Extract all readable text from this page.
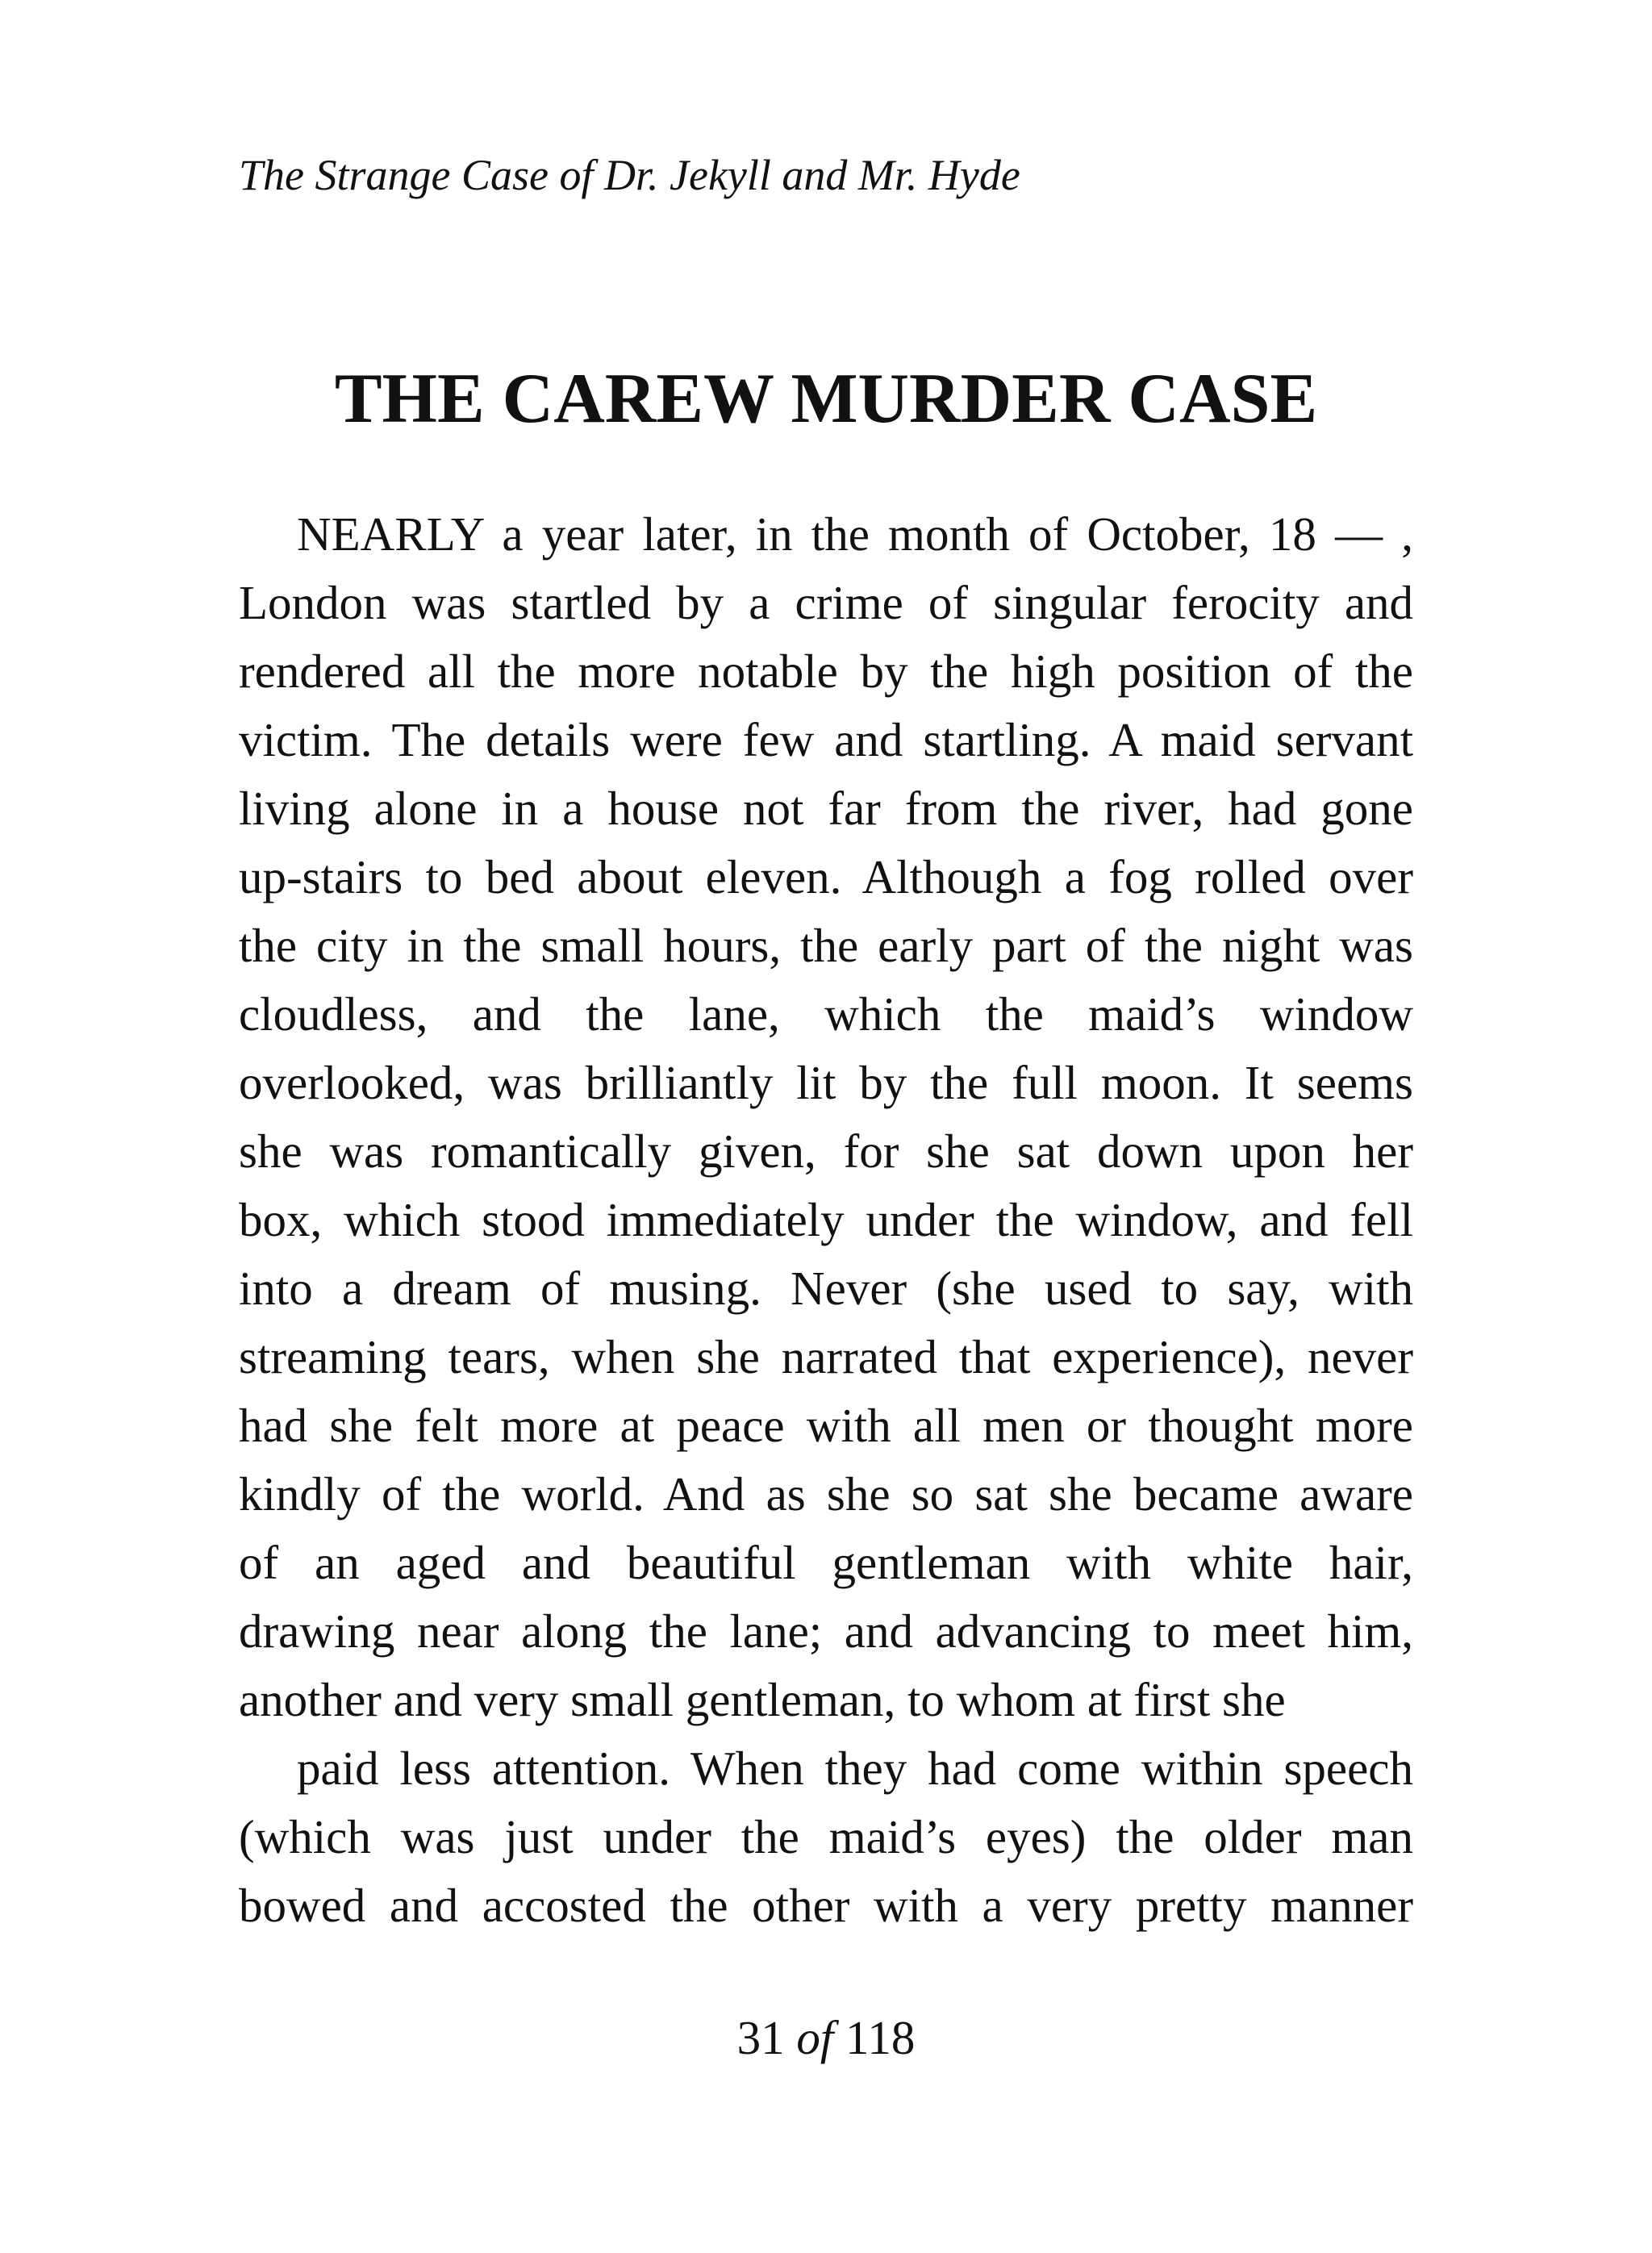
The Strange Case of Dr. Jekyll and Mr. Hyde
THE CAREW MURDER CASE
NEARLY a year later, in the month of October, 18 — ,
London was startled by a crime of singular ferocity and
rendered all the more notable by the high position of the
victim. The details were few and startling. A maid servant
living alone in a house not far from the river, had gone
up-stairs to bed about eleven. Although a fog rolled over
the city in the small hours, the early part of the night was
cloudless, and the lane, which the maid’s window
overlooked, was brilliantly lit by the full moon. It seems
she was romantically given, for she sat down upon her
box, which stood immediately under the window, and fell
into a dream of musing. Never (she used to say, with
streaming tears, when she narrated that experience), never
had she felt more at peace with all men or thought more
kindly of the world. And as she so sat she became aware
of an aged and beautiful gentleman with white hair,
drawing near along the lane; and advancing to meet him,
another and very small gentleman, to whom at first she
paid less attention. When they had come within speech
(which was just under the maid’s eyes) the older man
bowed and accosted the other with a very pretty manner
31 of 118
